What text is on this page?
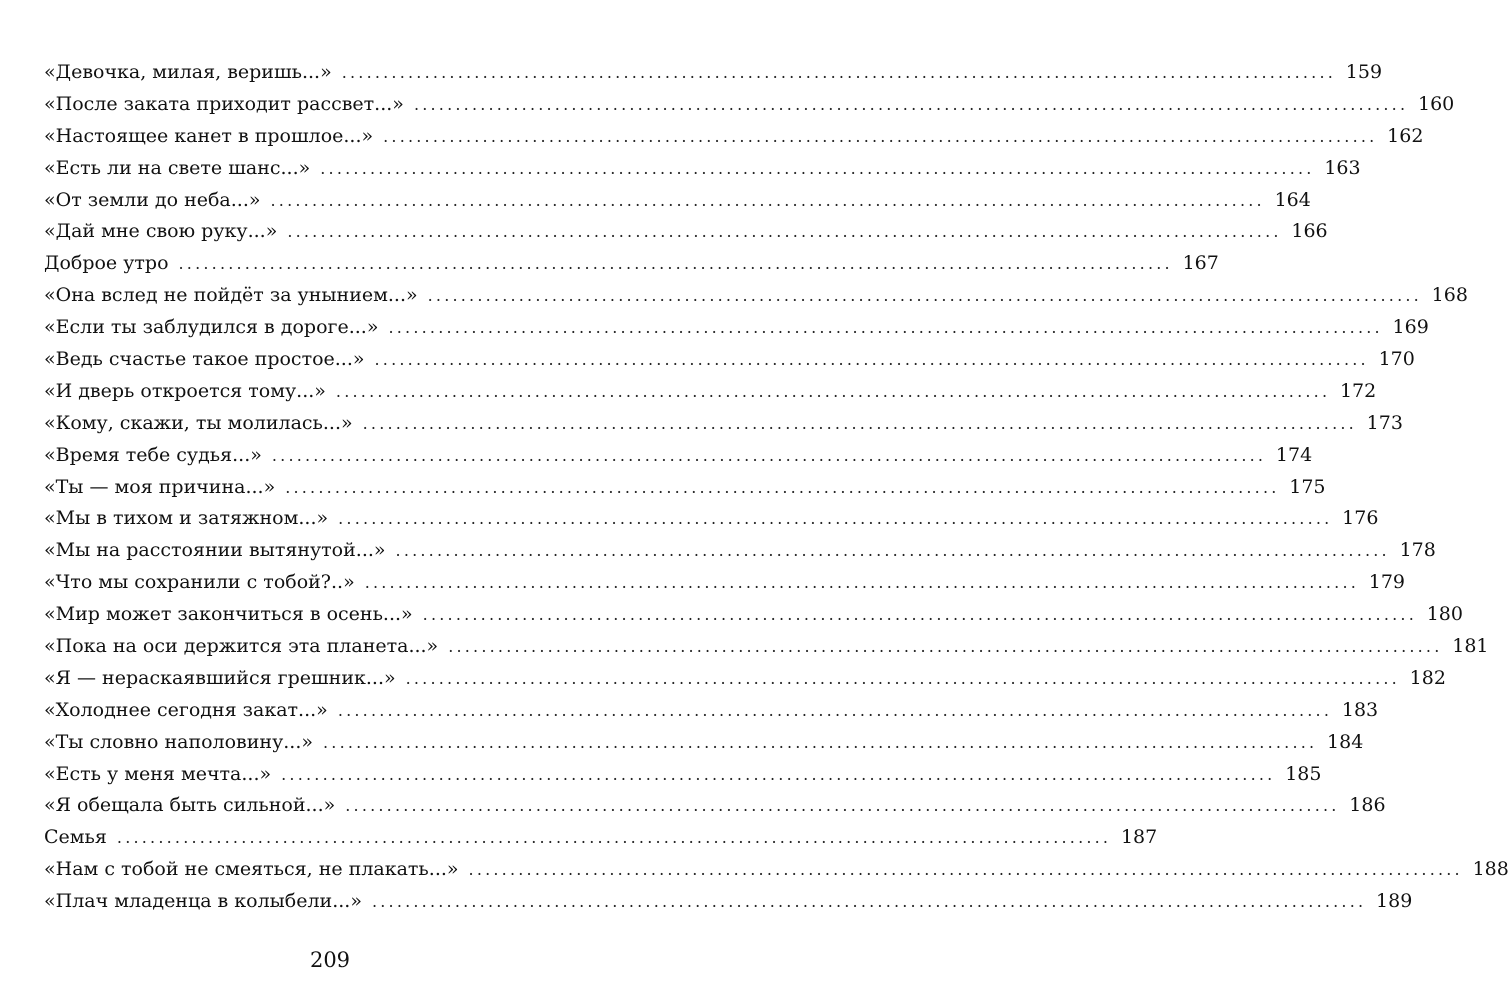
«Девочка, милая, веришь...» ........................................................................................................................ 159
«После заката приходит рассвет...» ........................................................................................................................ 160
«Настоящее канет в прошлое...» ........................................................................................................................ 162
«Есть ли на свете шанс...» ........................................................................................................................ 163
«От земли до неба...» ........................................................................................................................ 164
«Дай мне свою руку...» ........................................................................................................................ 166
Доброе утро ........................................................................................................................ 167
«Она вслед не пойдёт за унынием...» ........................................................................................................................ 168
«Если ты заблудился в дороге...» ........................................................................................................................ 169
«Ведь счастье такое простое...» ........................................................................................................................ 170
«И дверь откроется тому...» ........................................................................................................................ 172
«Кому, скажи, ты молилась...» ........................................................................................................................ 173
«Время тебе судья...» ........................................................................................................................ 174
«Ты — моя причина...» ........................................................................................................................ 175
«Мы в тихом и затяжном...» ........................................................................................................................ 176
«Мы на расстоянии вытянутой...» ........................................................................................................................ 178
«Что мы сохранили с тобой?..» ........................................................................................................................ 179
«Мир может закончиться в осень...» ........................................................................................................................ 180
«Пока на оси держится эта планета...» ........................................................................................................................ 181
«Я — нераскаявшийся грешник...» ........................................................................................................................ 182
«Холоднее сегодня закат...» ........................................................................................................................ 183
«Ты словно наполовину...» ........................................................................................................................ 184
«Есть у меня мечта...» ........................................................................................................................ 185
«Я обещала быть сильной...» ........................................................................................................................ 186
Семья ........................................................................................................................ 187
«Нам с тобой не смеяться, не плакать...» ........................................................................................................................ 188
«Плач младенца в колыбели...» ........................................................................................................................ 189
209
